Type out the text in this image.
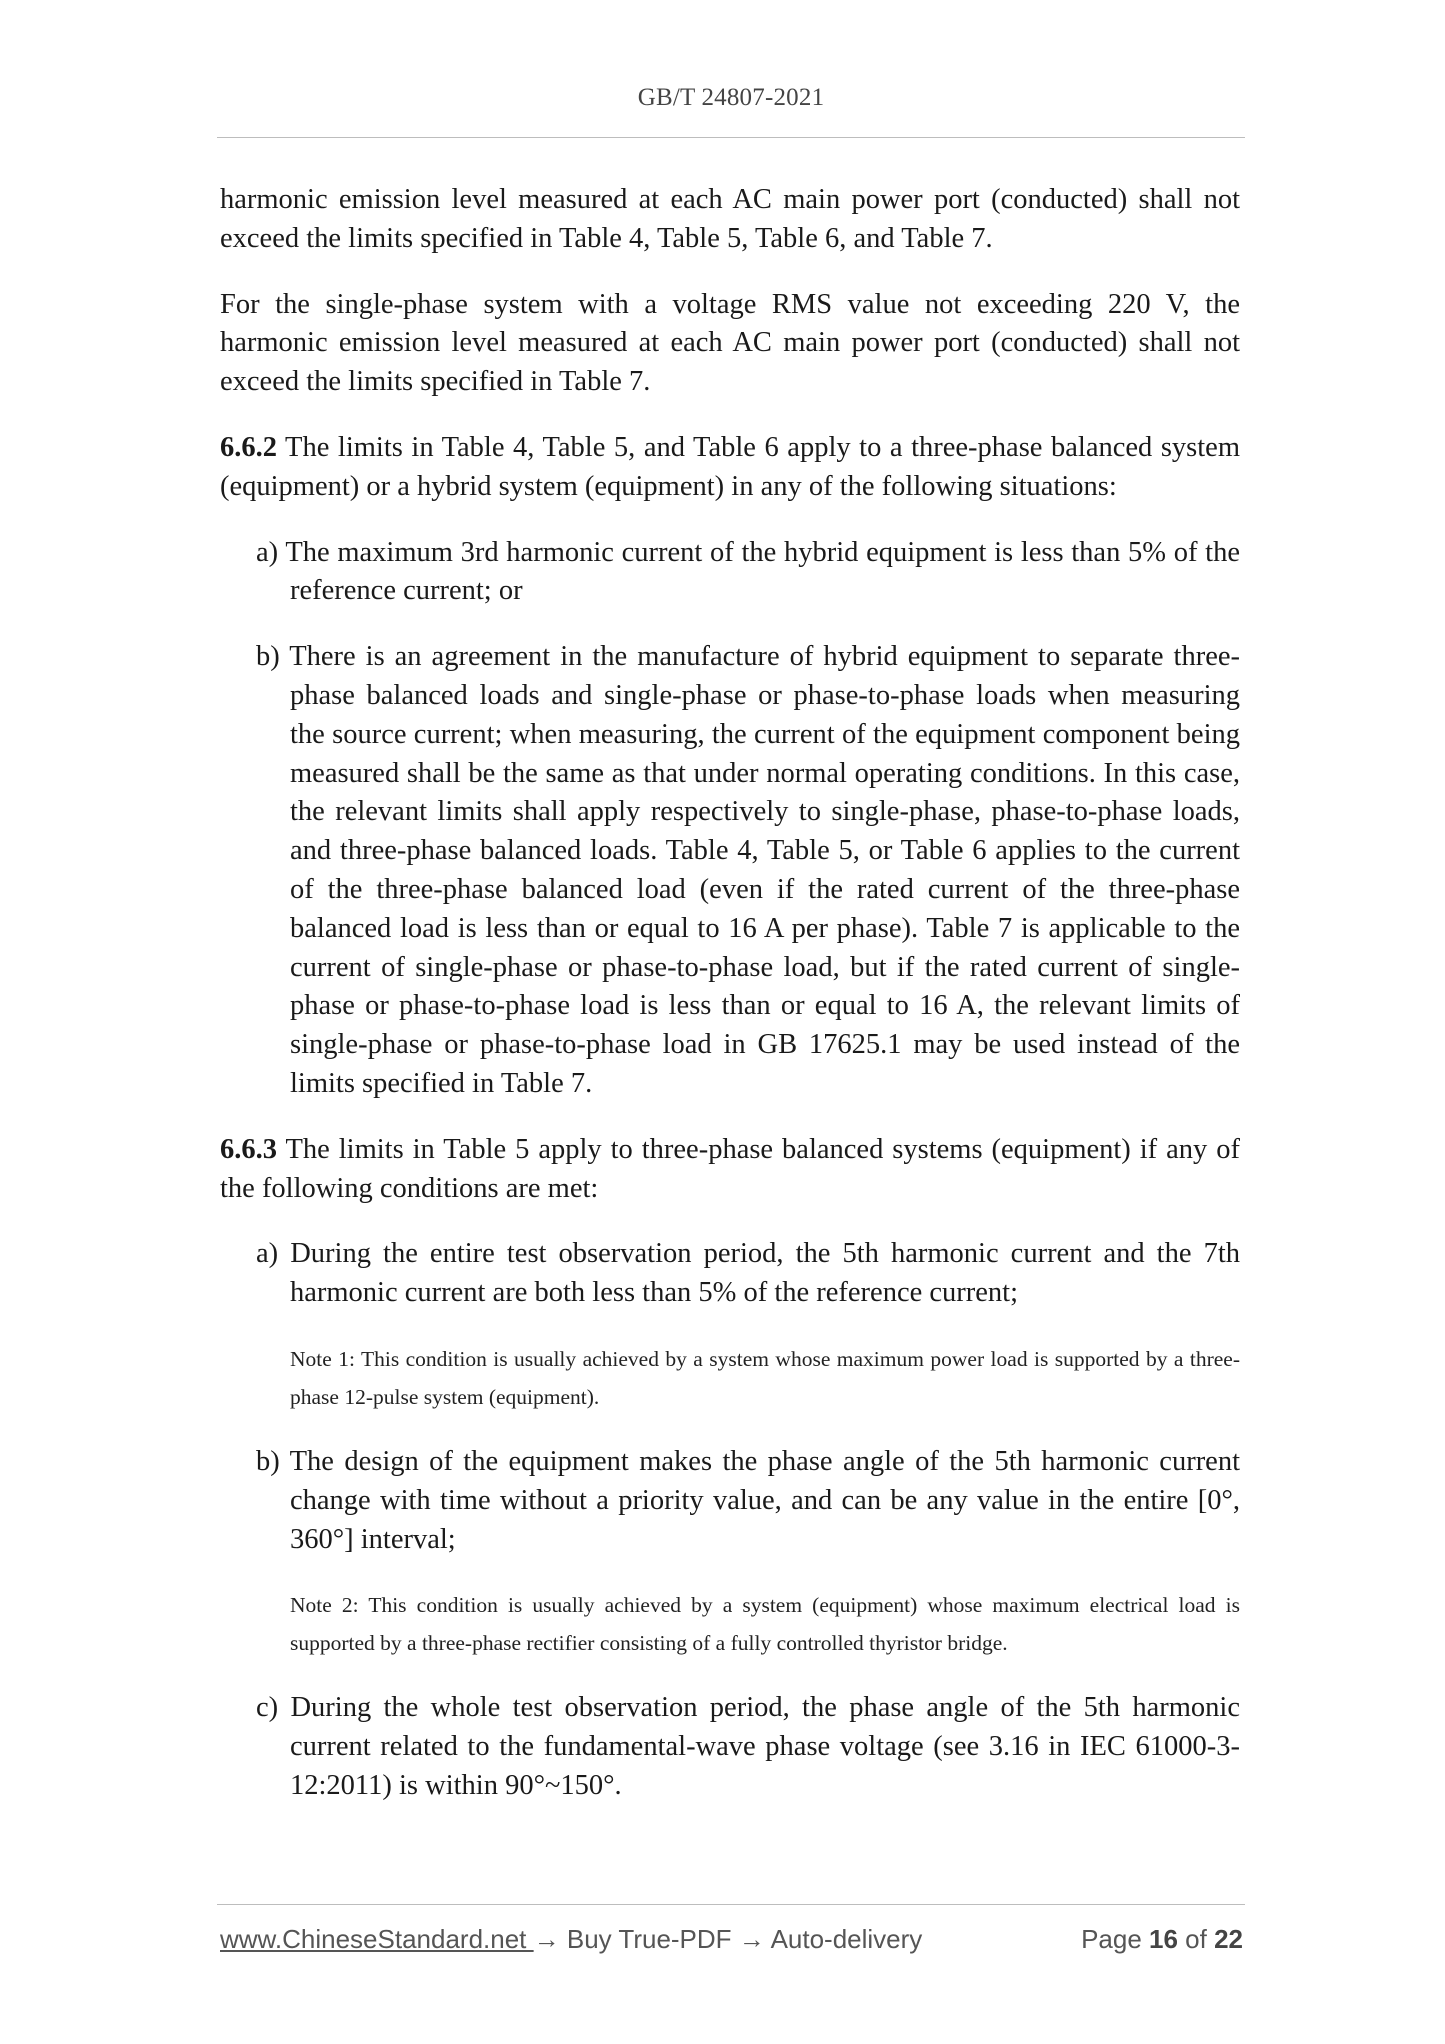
GB/T 24807-2021

harmonic emission level measured at each AC main power port (conducted) shall not exceed the limits specified in Table 4, Table 5, Table 6, and Table 7.

For the single-phase system with a voltage RMS value not exceeding 220 V, the harmonic emission level measured at each AC main power port (conducted) shall not exceed the limits specified in Table 7.

6.6.2 The limits in Table 4, Table 5, and Table 6 apply to a three-phase balanced system (equipment) or a hybrid system (equipment) in any of the following situations:

a) The maximum 3rd harmonic current of the hybrid equipment is less than 5% of the reference current; or

b) There is an agreement in the manufacture of hybrid equipment to separate three-phase balanced loads and single-phase or phase-to-phase loads when measuring the source current; when measuring, the current of the equipment component being measured shall be the same as that under normal operating conditions. In this case, the relevant limits shall apply respectively to single-phase, phase-to-phase loads, and three-phase balanced loads. Table 4, Table 5, or Table 6 applies to the current of the three-phase balanced load (even if the rated current of the three-phase balanced load is less than or equal to 16 A per phase). Table 7 is applicable to the current of single-phase or phase-to-phase load, but if the rated current of single-phase or phase-to-phase load is less than or equal to 16 A, the relevant limits of single-phase or phase-to-phase load in GB 17625.1 may be used instead of the limits specified in Table 7.

6.6.3 The limits in Table 5 apply to three-phase balanced systems (equipment) if any of the following conditions are met:

a) During the entire test observation period, the 5th harmonic current and the 7th harmonic current are both less than 5% of the reference current;

Note 1: This condition is usually achieved by a system whose maximum power load is supported by a three-phase 12-pulse system (equipment).

b) The design of the equipment makes the phase angle of the 5th harmonic current change with time without a priority value, and can be any value in the entire [0°, 360°] interval;

Note 2: This condition is usually achieved by a system (equipment) whose maximum electrical load is supported by a three-phase rectifier consisting of a fully controlled thyristor bridge.

c) During the whole test observation period, the phase angle of the 5th harmonic current related to the fundamental-wave phase voltage (see 3.16 in IEC 61000-3-12:2011) is within 90°~150°.

www.ChineseStandard.net → Buy True-PDF → Auto-delivery	Page 16 of 22
